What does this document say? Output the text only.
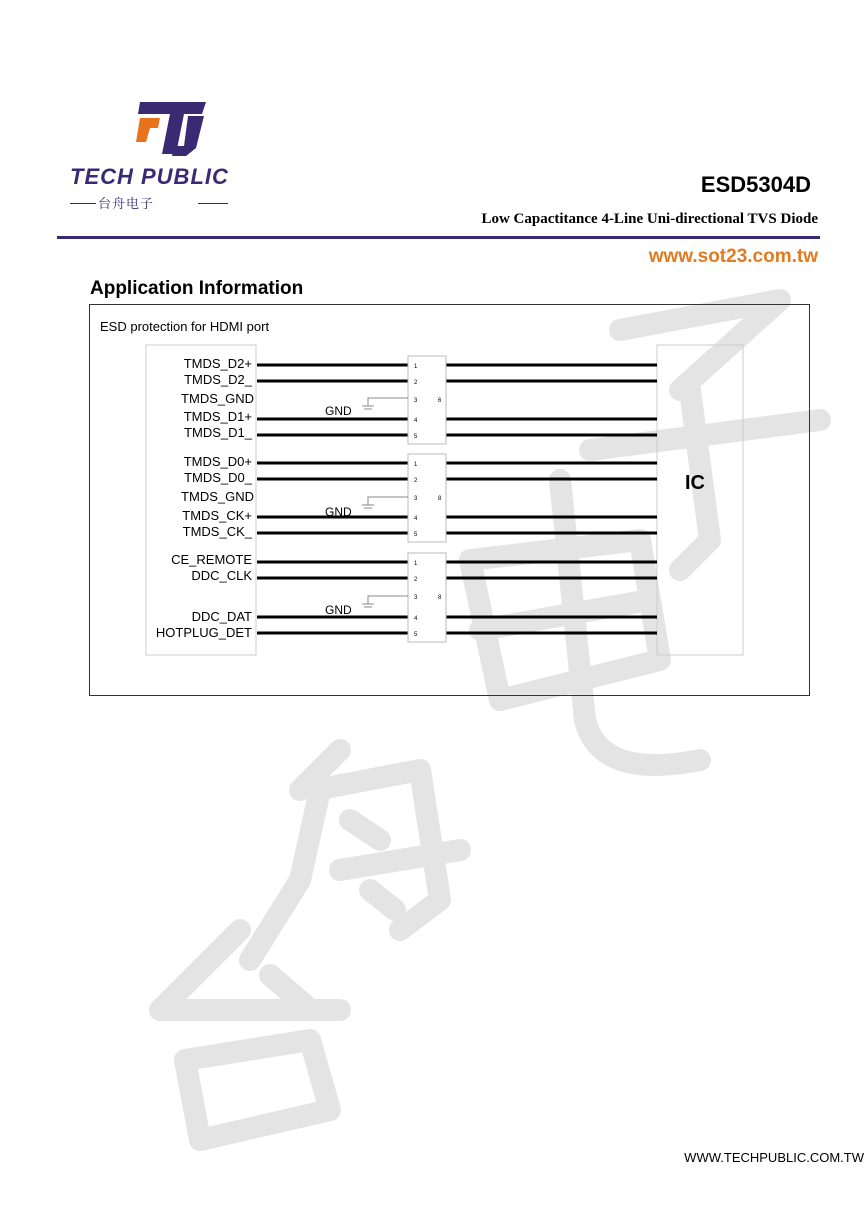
TECH PUBLIC
台舟电子
ESD5304D
Low Capactitance 4-Line Uni-directional TVS Diode
www.sot23.com.tw
Application Information
ESD protection for HDMI port
IC
TMDS_D2+
TMDS_D2_
TMDS_GND
TMDS_D1+
TMDS_D1_
1
2
3
4
5
6
GND
TMDS_D0+
TMDS_D0_
TMDS_GND
TMDS_CK+
TMDS_CK_
1
2
3
4
5
8
GND
CE_REMOTE
DDC_CLK
DDC_DAT
HOTPLUG_DET
1
2
3
4
5
8
GND
WWW.TECHPUBLIC.COM.TW
